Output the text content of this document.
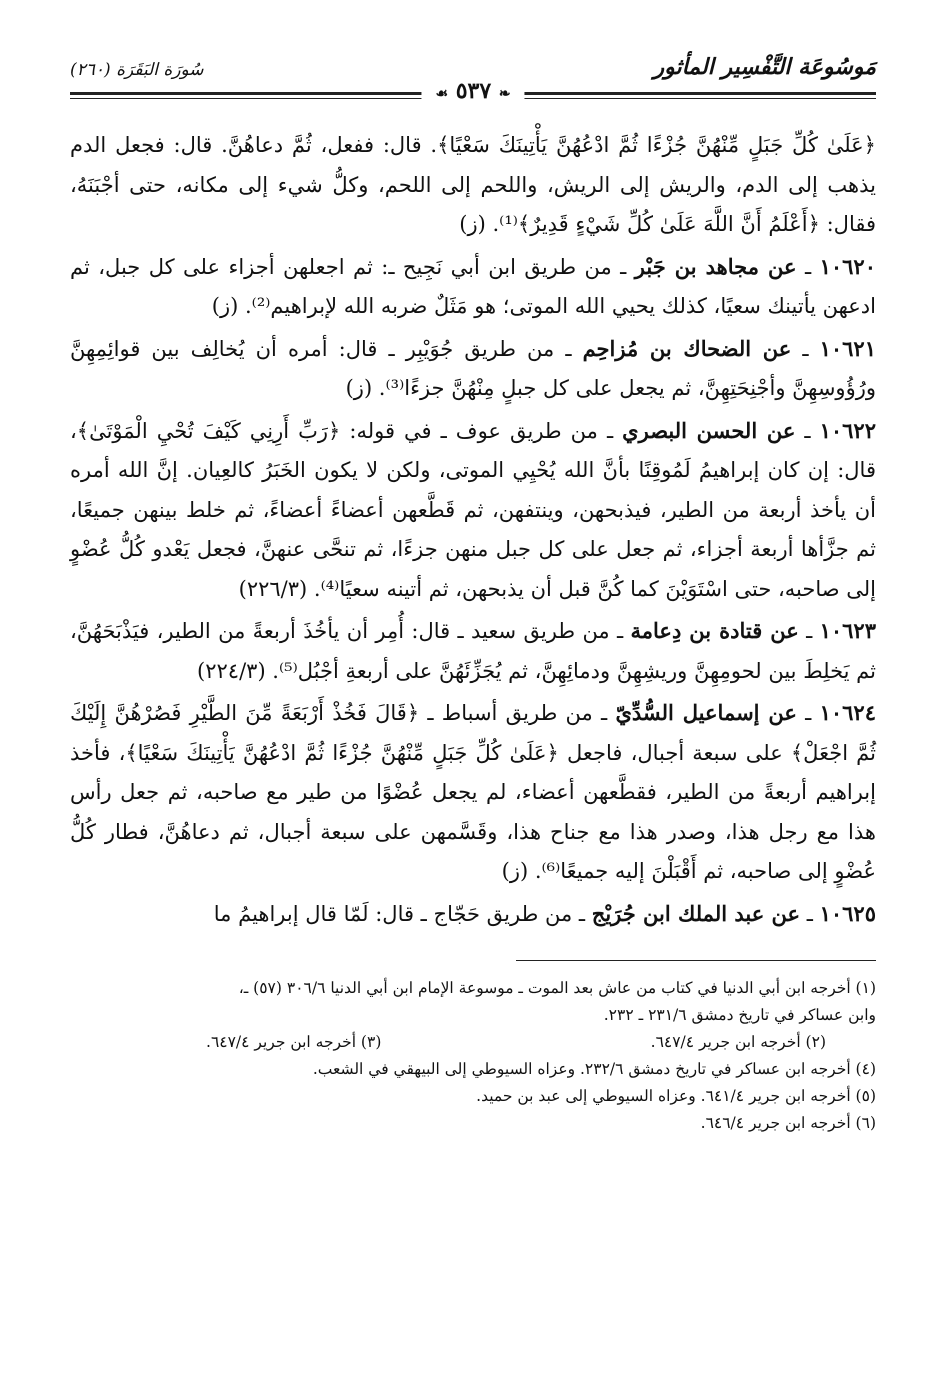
مَوسُوعَة التَّفْسِير المأثور
سُورَة البَقَرَة (٢٦٠)
❧ ٥٣٧ ☙

﴿عَلَىٰ كُلِّ جَبَلٍ مِّنْهُنَّ جُزْءًا ثُمَّ ادْعُهُنَّ يَأْتِينَكَ سَعْيًا﴾. قال: ففعل، ثُمَّ دعاهُنَّ. قال: فجعل الدم يذهب إلى الدم، والريش إلى الريش، واللحم إلى اللحم، وكلُّ شيء إلى مكانه، حتى أجْبَنَهُ، فقال: ﴿أَعْلَمُ أَنَّ اللَّهَ عَلَىٰ كُلِّ شَيْءٍ قَدِيرٌ﴾⁽¹⁾. (ز)

١٠٦٢٠ ـ عن مجاهد بن جَبْر ـ من طريق ابن أبي نَجِيح ـ: ثم اجعلهن أجزاء على كل جبل، ثم ادعهن يأتينك سعيًا، كذلك يحيي الله الموتى؛ هو مَثَلٌ ضربه الله لإبراهيم⁽²⁾. (ز)

١٠٦٢١ ـ عن الضحاك بن مُزاحِم ـ من طريق جُوَيْبِر ـ قال: أمره أن يُخالِف بين قوائِمِهِنَّ ورُؤُوسِهِنَّ وأجْنِحَتِهِنَّ، ثم يجعل على كل جبلٍ مِنْهُنَّ جزءًا⁽³⁾. (ز)

١٠٦٢٢ ـ عن الحسن البصري ـ من طريق عوف ـ في قوله: ﴿رَبِّ أَرِنِي كَيْفَ تُحْيِ الْمَوْتَىٰ﴾، قال: إن كان إبراهيمُ لَمُوقِنًا بأنَّ الله يُحْيِي الموتى، ولكن لا يكون الخَبَرُ كالعِيان. إنَّ الله أمره أن يأخذ أربعة من الطير، فيذبحهن، وينتفهن، ثم قَطَّعهن أعضاءً أعضاءً، ثم خلط بينهن جميعًا، ثم جزَّأها أربعة أجزاء، ثم جعل على كل جبل منهن جزءًا، ثم تنحَّى عنهنَّ، فجعل يَعْدو كُلُّ عُضْوٍ إلى صاحبه، حتى اسْتَوَيْنَ كما كُنَّ قبل أن يذبحهن، ثم أتينه سعيًا⁽⁴⁾. (٢٢٦/٣)

١٠٦٢٣ ـ عن قتادة بن دِعامة ـ من طريق سعيد ـ قال: أُمِر أن يأخُذَ أربعةً من الطير، فيَذْبَحَهُنَّ، ثم يَخلِطَ بين لحومِهِنَّ وريشِهِنَّ ودمائِهِنَّ، ثم يُجَزِّئَهُنَّ على أربعةِ أجْبُل⁽⁵⁾. (٢٢٤/٣)

١٠٦٢٤ ـ عن إسماعيل السُّدِّيّ ـ من طريق أسباط ـ ﴿قَالَ فَخُذْ أَرْبَعَةً مِّنَ الطَّيْرِ فَصُرْهُنَّ إِلَيْكَ ثُمَّ اجْعَلْ﴾ على سبعة أجبال، فاجعل ﴿عَلَىٰ كُلِّ جَبَلٍ مِّنْهُنَّ جُزْءًا ثُمَّ ادْعُهُنَّ يَأْتِينَكَ سَعْيًا﴾، فأخذ إبراهيم أربعةً من الطير، فقطَّعهن أعضاء، لم يجعل عُضْوًا من طير مع صاحبه، ثم جعل رأس هذا مع رجل هذا، وصدر هذا مع جناح هذا، وقَسَّمهن على سبعة أجبال، ثم دعاهُنَّ، فطار كُلُّ عُضْوٍ إلى صاحبه، ثم أَقْبَلْنَ إليه جميعًا⁽⁶⁾. (ز)

١٠٦٢٥ ـ عن عبد الملك ابن جُرَيْج ـ من طريق حَجّاج ـ قال: لَمّا قال إبراهيمُ ما

(١) أخرجه ابن أبي الدنيا في كتاب من عاش بعد الموت ـ موسوعة الإمام ابن أبي الدنيا ٣٠٦/٦ (٥٧) ـ،

وابن عساكر في تاريخ دمشق ٢٣١/٦ ـ ٢٣٢.

(٢) أخرجه ابن جرير ٦٤٧/٤.
(٣) أخرجه ابن جرير ٦٤٧/٤.

(٤) أخرجه ابن عساكر في تاريخ دمشق ٢٣٢/٦. وعزاه السيوطي إلى البيهقي في الشعب.

(٥) أخرجه ابن جرير ٦٤١/٤. وعزاه السيوطي إلى عبد بن حميد.

(٦) أخرجه ابن جرير ٦٤٦/٤.
